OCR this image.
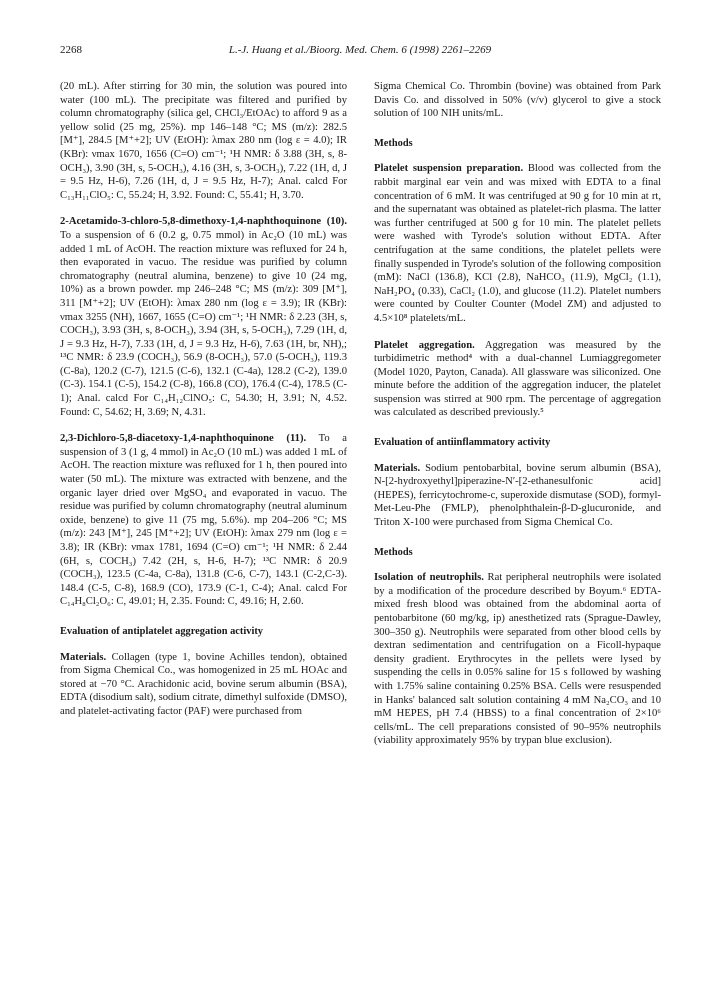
2268	L.-J. Huang et al./Bioorg. Med. Chem. 6 (1998) 2261–2269

(20 mL). After stirring for 30 min, the solution was poured into water (100 mL). The precipitate was filtered and purified by column chromatography (silica gel, CHCl₃/EtOAc) to afford 9 as a yellow solid (25 mg, 25%). mp 146–148 °C; MS (m/z): 282.5 [M⁺], 284.5 [M⁺+2]; UV (EtOH): λmax 280 nm (log ε = 4.0); IR (KBr): νmax 1670, 1656 (C=O) cm⁻¹; ¹H NMR: δ 3.88 (3H, s, 8-OCH₃), 3.90 (3H, s, 5-OCH₃), 4.16 (3H, s, 3-OCH₃), 7.22 (1H, d, J = 9.5 Hz, H-6), 7.26 (1H, d, J = 9.5 Hz, H-7); Anal. calcd For C₁₃H₁₁ClO₅: C, 55.24; H, 3.92. Found: C, 55.41; H, 3.70.

2-Acetamido-3-chloro-5,8-dimethoxy-1,4-naphthoquinone (10). To a suspension of 6 (0.2 g, 0.75 mmol) in Ac₂O (10 mL) was added 1 mL of AcOH. The reaction mixture was refluxed for 24 h, then evaporated in vacuo. The residue was purified by column chromatography (neutral alumina, benzene) to give 10 (24 mg, 10%) as a brown powder. mp 246–248 °C; MS (m/z): 309 [M⁺], 311 [M⁺+2]; UV (EtOH): λmax 280 nm (log ε = 3.9); IR (KBr): νmax 3255 (NH), 1667, 1655 (C=O) cm⁻¹; ¹H NMR: δ 2.23 (3H, s, COCH₃), 3.93 (3H, s, 8-OCH₃), 3.94 (3H, s, 5-OCH₃), 7.29 (1H, d, J = 9.3 Hz, H-7), 7.33 (1H, d, J = 9.3 Hz, H-6), 7.63 (1H, br, NH),; ¹³C NMR: δ 23.9 (COCH₃), 56.9 (8-OCH₃), 57.0 (5-OCH₃), 119.3 (C-8a), 120.2 (C-7), 121.5 (C-6), 132.1 (C-4a), 128.2 (C-2), 139.0 (C-3). 154.1 (C-5), 154.2 (C-8), 166.8 (CO), 176.4 (C-4), 178.5 (C-1); Anal. calcd For C₁₄H₁₂ClNO₅: C, 54.30; H, 3.91; N, 4.52. Found: C, 54.62; H, 3.69; N, 4.31.

2,3-Dichloro-5,8-diacetoxy-1,4-naphthoquinone (11). To a suspension of 3 (1 g, 4 mmol) in Ac₂O (10 mL) was added 1 mL of AcOH. The reaction mixture was refluxed for 1 h, then poured into water (50 mL). The mixture was extracted with benzene, and the organic layer dried over MgSO₄ and evaporated in vacuo. The residue was purified by column chromatography (neutral aluminum oxide, benzene) to give 11 (75 mg, 5.6%). mp 204–206 °C; MS (m/z): 243 [M⁺], 245 [M⁺+2]; UV (EtOH): λmax 279 nm (log ε = 3.8); IR (KBr): νmax 1781, 1694 (C=O) cm⁻¹; ¹H NMR: δ 2.44 (6H, s, COCH₃) 7.42 (2H, s, H-6, H-7); ¹³C NMR: δ 20.9 (COCH₃), 123.5 (C-4a, C-8a), 131.8 (C-6, C-7), 143.1 (C-2,C-3). 148.4 (C-5, C-8), 168.9 (CO), 173.9 (C-1, C-4); Anal. calcd For C₁₄H₈Cl₂O₆: C, 49.01; H, 2.35. Found: C, 49.16; H, 2.60.

Evaluation of antiplatelet aggregation activity

Materials. Collagen (type 1, bovine Achilles tendon), obtained from Sigma Chemical Co., was homogenized in 25 mL HOAc and stored at −70 °C. Arachidonic acid, bovine serum albumin (BSA), EDTA (disodium salt), sodium citrate, dimethyl sulfoxide (DMSO), and platelet-activating factor (PAF) were purchased from

Sigma Chemical Co. Thrombin (bovine) was obtained from Park Davis Co. and dissolved in 50% (v/v) glycerol to give a stock solution of 100 NIH units/mL.

Methods

Platelet suspension preparation. Blood was collected from the rabbit marginal ear vein and was mixed with EDTA to a final concentration of 6 mM. It was centrifuged at 90 g for 10 min at rt, and the supernatant was obtained as platelet-rich plasma. The latter was further centrifuged at 500 g for 10 min. The platelet pellets were washed with Tyrode's solution without EDTA. After centrifugation at the same conditions, the platelet pellets were finally suspended in Tyrode's solution of the following composition (mM): NaCl (136.8), KCl (2.8), NaHCO₃ (11.9), MgCl₂ (1.1), NaH₂PO₄ (0.33), CaCl₂ (1.0), and glucose (11.2). Platelet numbers were counted by Coulter Counter (Model ZM) and adjusted to 4.5×10⁸ platelets/mL.

Platelet aggregation. Aggregation was measured by the turbidimetric method⁴ with a dual-channel Lumiaggregometer (Model 1020, Payton, Canada). All glassware was siliconized. One minute before the addition of the aggregation inducer, the platelet suspension was stirred at 900 rpm. The percentage of aggregation was calculated as described previously.⁵

Evaluation of antiinflammatory activity

Materials. Sodium pentobarbital, bovine serum albumin (BSA), N-[2-hydroxyethyl]piperazine-N′-[2-ethanesulfonic acid] (HEPES), ferricytochrome-c, superoxide dismutase (SOD), formyl-Met-Leu-Phe (FMLP), phenolphthalein-β-D-glucuronide, and Triton X-100 were purchased from Sigma Chemical Co.

Methods

Isolation of neutrophils. Rat peripheral neutrophils were isolated by a modification of the procedure described by Boyum.⁶ EDTA-mixed fresh blood was obtained from the abdominal aorta of pentobarbitone (60 mg/kg, ip) anesthetized rats (Sprague-Dawley, 300–350 g). Neutrophils were separated from other blood cells by dextran sedimentation and centrifugation on a Ficoll-hypaque density gradient. Erythrocytes in the pellets were lysed by suspending the cells in 0.05% saline for 15 s followed by washing with 1.75% saline containing 0.25% BSA. Cells were resuspended in Hanks' balanced salt solution containing 4 mM Na₂CO₃ and 10 mM HEPES, pH 7.4 (HBSS) to a final concentration of 2×10⁶ cells/mL. The cell preparations consisted of 90–95% neutrophils (viability approximately 95% by trypan blue exclusion).
